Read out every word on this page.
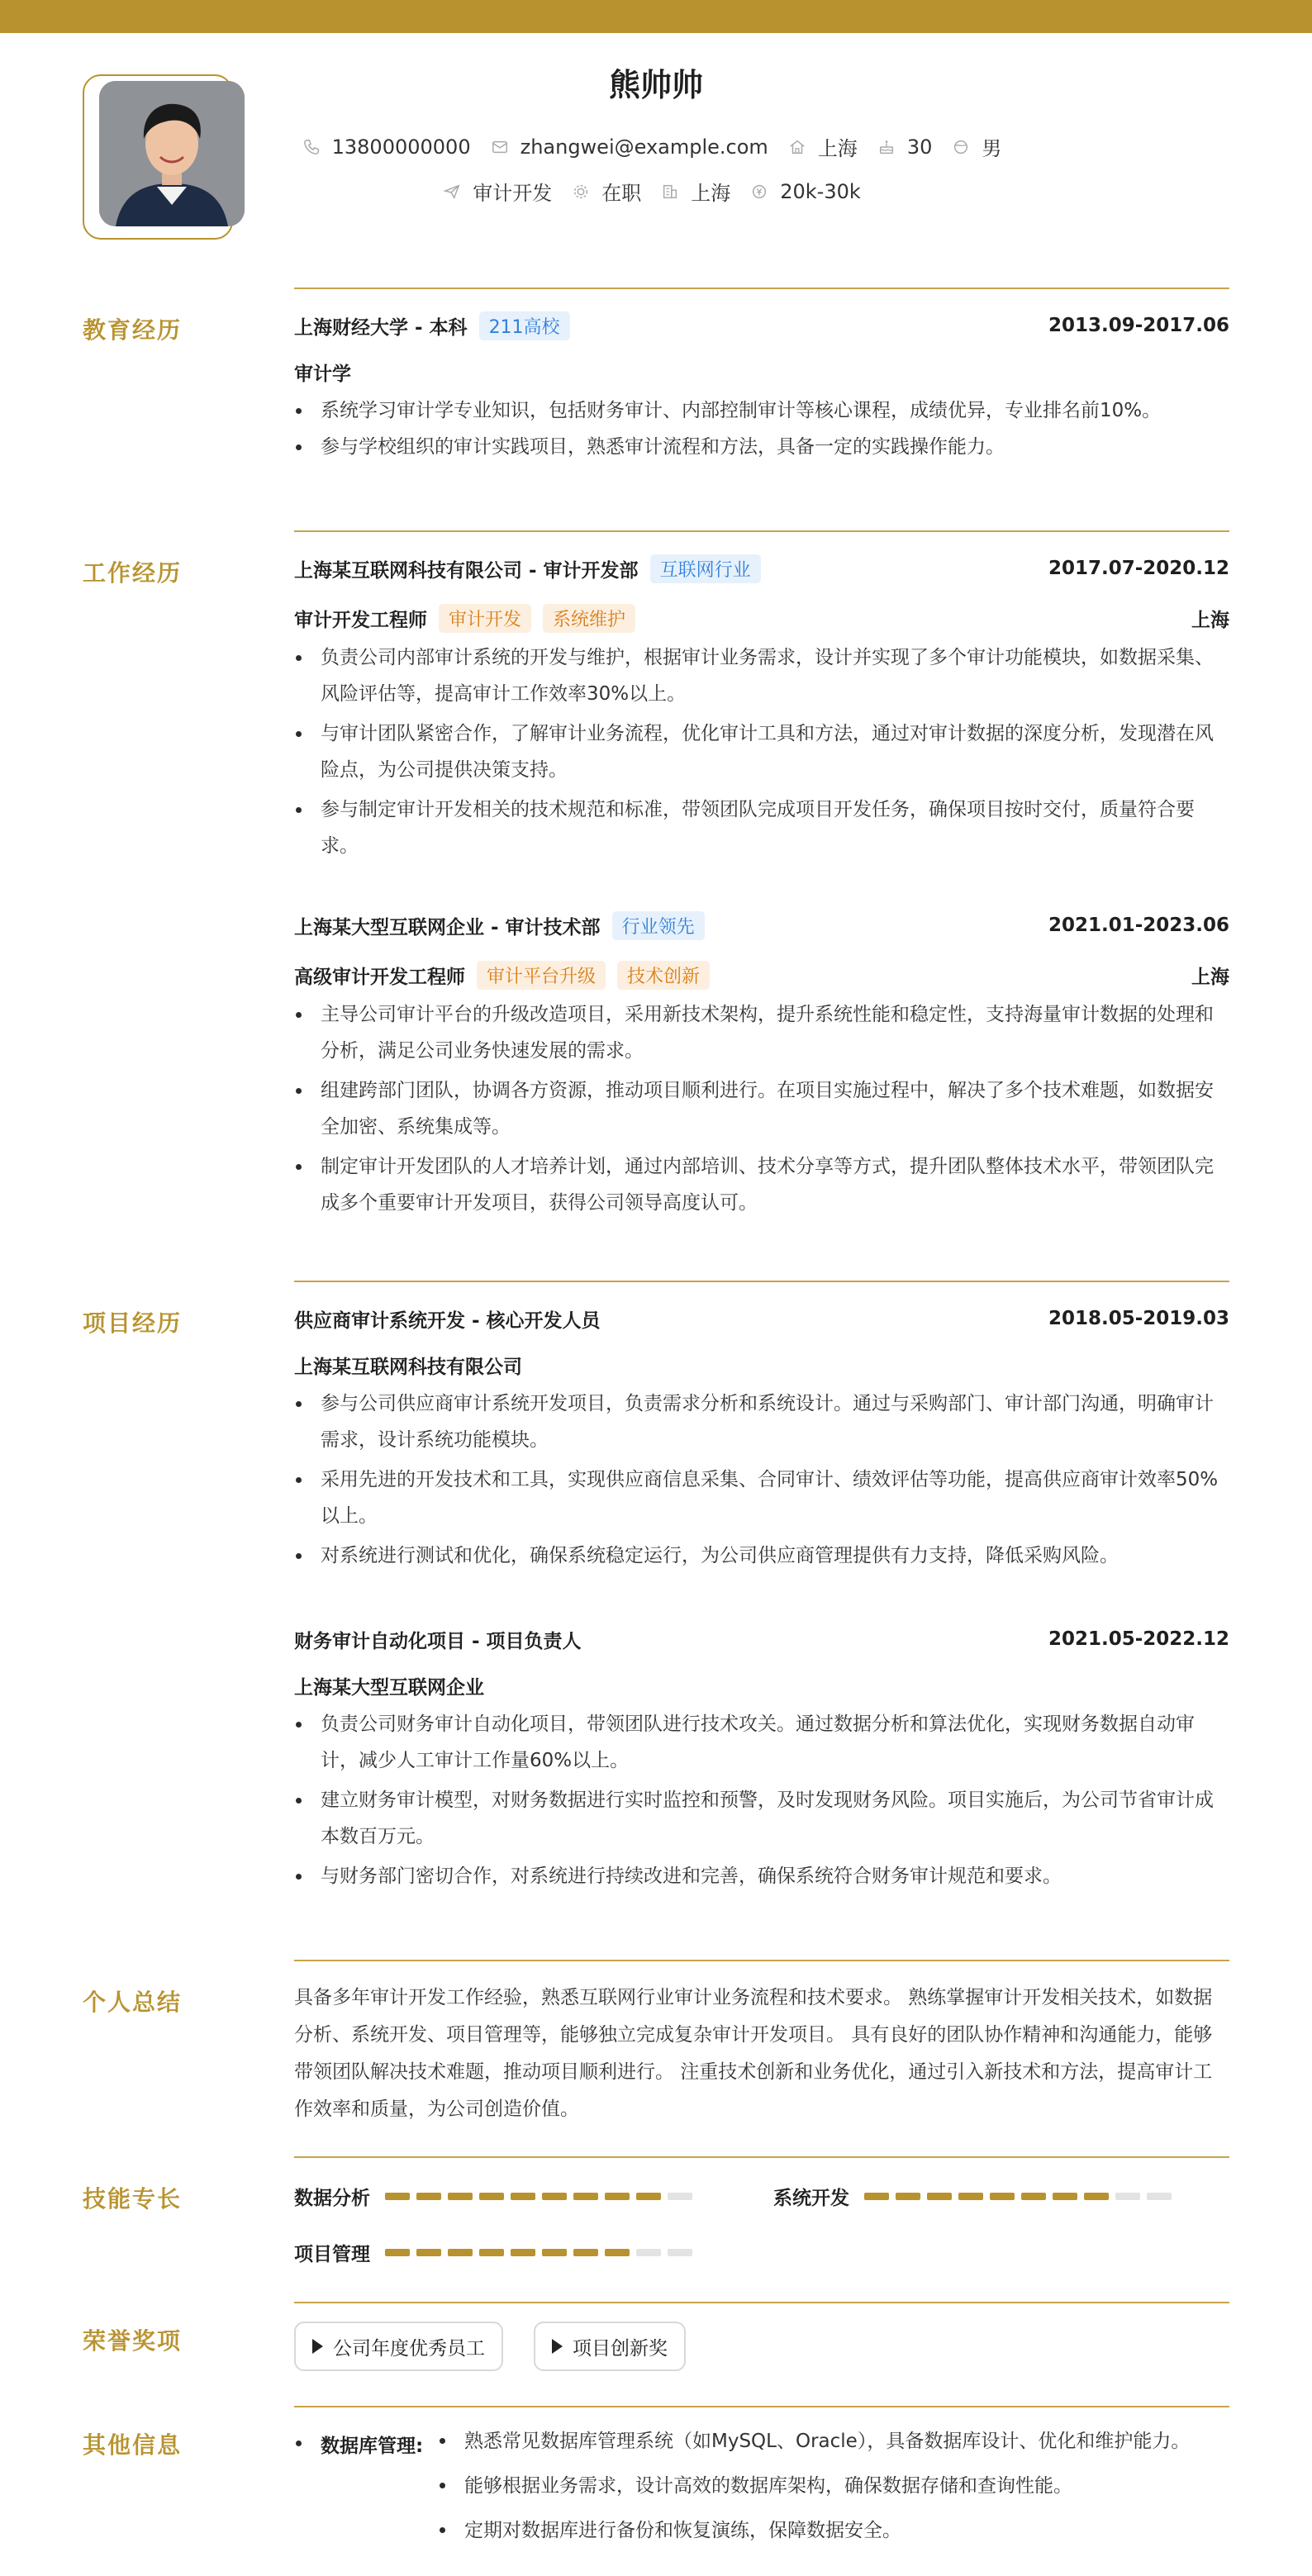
熊帅帅
13800000000	zhangwei@example.com	上海	30	男
审计开发	在职	上海	20k-30k
教育经历	上海财经大学 - 本科	211高校	2013.09-2017.06
审计学
系统学习审计学专业知识，包括财务审计、内部控制审计等核心课程，成绩优异，专业排名前10%。
参与学校组织的审计实践项目，熟悉审计流程和方法，具备一定的实践操作能力。
工作经历	上海某互联网科技有限公司 - 审计开发部	互联网行业	2017.07-2020.12
审计开发工程师	审计开发	系统维护	上海
负责公司内部审计系统的开发与维护，根据审计业务需求，设计并实现了多个审计功能模块，如数据采集、风险评估等，提高审计工作效率30%以上。
与审计团队紧密合作，了解审计业务流程，优化审计工具和方法，通过对审计数据的深度分析，发现潜在风险点，为公司提供决策支持。
参与制定审计开发相关的技术规范和标准，带领团队完成项目开发任务，确保项目按时交付，质量符合要求。
上海某大型互联网企业 - 审计技术部	行业领先	2021.01-2023.06
高级审计开发工程师	审计平台升级	技术创新	上海
主导公司审计平台的升级改造项目，采用新技术架构，提升系统性能和稳定性，支持海量审计数据的处理和分析，满足公司业务快速发展的需求。
组建跨部门团队，协调各方资源，推动项目顺利进行。在项目实施过程中，解决了多个技术难题，如数据安全加密、系统集成等。
制定审计开发团队的人才培养计划，通过内部培训、技术分享等方式，提升团队整体技术水平，带领团队完成多个重要审计开发项目，获得公司领导高度认可。
项目经历	供应商审计系统开发 - 核心开发人员	2018.05-2019.03
上海某互联网科技有限公司
参与公司供应商审计系统开发项目，负责需求分析和系统设计。通过与采购部门、审计部门沟通，明确审计需求，设计系统功能模块。
采用先进的开发技术和工具，实现供应商信息采集、合同审计、绩效评估等功能，提高供应商审计效率50%以上。
对系统进行测试和优化，确保系统稳定运行，为公司供应商管理提供有力支持，降低采购风险。
财务审计自动化项目 - 项目负责人	2021.05-2022.12
上海某大型互联网企业
负责公司财务审计自动化项目，带领团队进行技术攻关。通过数据分析和算法优化，实现财务数据自动审计，减少人工审计工作量60%以上。
建立财务审计模型，对财务数据进行实时监控和预警，及时发现财务风险。项目实施后，为公司节省审计成本数百万元。
与财务部门密切合作，对系统进行持续改进和完善，确保系统符合财务审计规范和要求。
个人总结	具备多年审计开发工作经验，熟悉互联网行业审计业务流程和技术要求。 熟练掌握审计开发相关技术，如数据分析、系统开发、项目管理等，能够独立完成复杂审计开发项目。 具有良好的团队协作精神和沟通能力，能够带领团队解决技术难题，推动项目顺利进行。 注重技术创新和业务优化，通过引入新技术和方法，提高审计工作效率和质量，为公司创造价值。
技能专长	数据分析	系统开发
项目管理
荣誉奖项	公司年度优秀员工	项目创新奖
其他信息	数据库管理:	熟悉常见数据库管理系统（如MySQL、Oracle），具备数据库设计、优化和维护能力。
能够根据业务需求，设计高效的数据库架构，确保数据存储和查询性能。
定期对数据库进行备份和恢复演练，保障数据安全。
